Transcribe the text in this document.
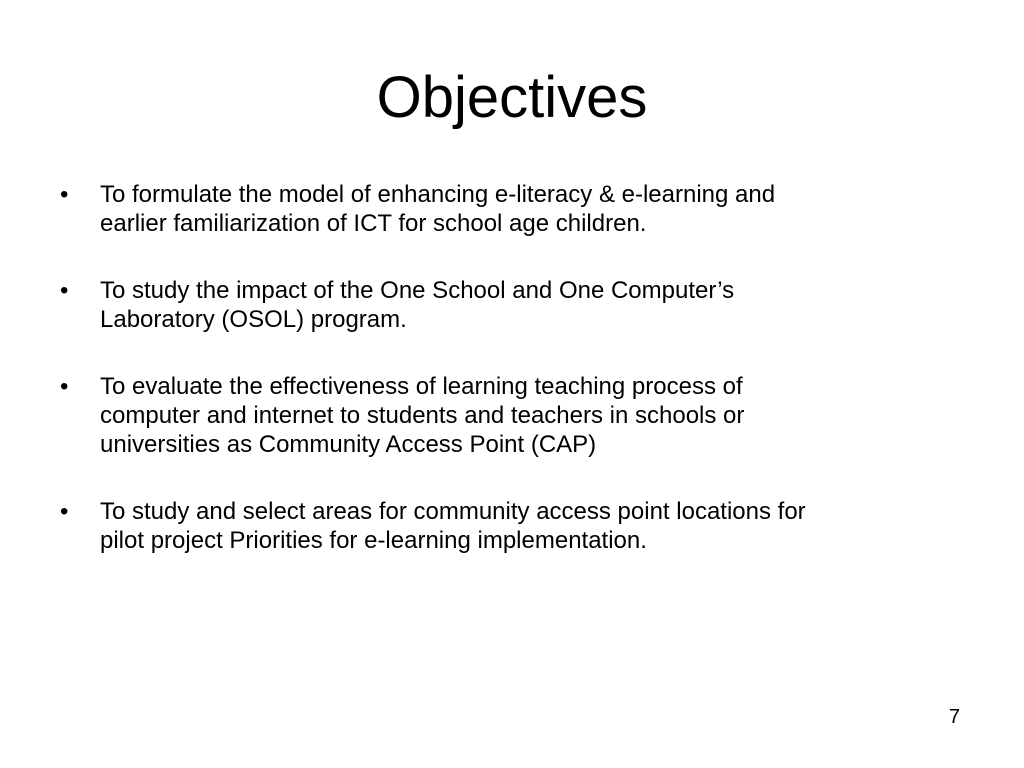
Objectives
•	To formulate the model of enhancing e-literacy & e-learning and
earlier familiarization of ICT for school age children.
•	To study the impact of the One School and One Computer’s
Laboratory (OSOL) program.
•	To evaluate the effectiveness of learning teaching process of
computer and internet to students and teachers in schools or
universities as Community Access Point (CAP)
•	To study and select areas for community access point locations for
pilot project Priorities for e-learning implementation.
7
